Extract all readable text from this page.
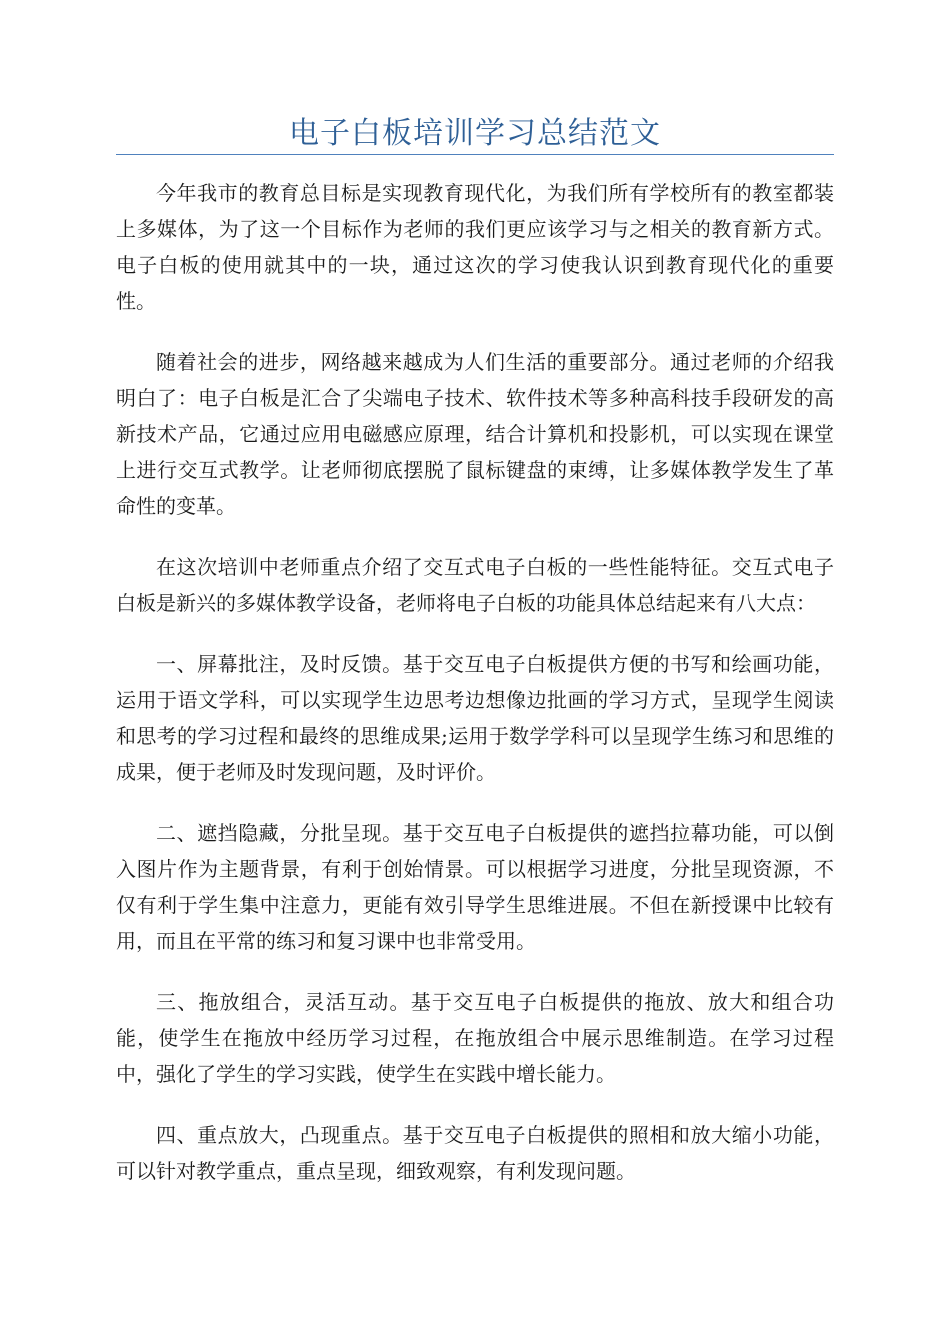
电子白板培训学习总结范文

今年我市的教育总目标是实现教育现代化，为我们所有学校所有的教室都装上多媒体，为了这一个目标作为老师的我们更应该学习与之相关的教育新方式。电子白板的使用就其中的一块，通过这次的学习使我认识到教育现代化的重要性。

随着社会的进步，网络越来越成为人们生活的重要部分。通过老师的介绍我明白了：电子白板是汇合了尖端电子技术、软件技术等多种高科技手段研发的高新技术产品，它通过应用电磁感应原理，结合计算机和投影机，可以实现在课堂上进行交互式教学。让老师彻底摆脱了鼠标键盘的束缚，让多媒体教学发生了革命性的变革。

在这次培训中老师重点介绍了交互式电子白板的一些性能特征。交互式电子白板是新兴的多媒体教学设备，老师将电子白板的功能具体总结起来有八大点：

一、屏幕批注，及时反馈。基于交互电子白板提供方便的书写和绘画功能，运用于语文学科，可以实现学生边思考边想像边批画的学习方式，呈现学生阅读和思考的学习过程和最终的思维成果;运用于数学学科可以呈现学生练习和思维的成果，便于老师及时发现问题，及时评价。

二、遮挡隐藏，分批呈现。基于交互电子白板提供的遮挡拉幕功能，可以倒入图片作为主题背景，有利于创始情景。可以根据学习进度，分批呈现资源，不仅有利于学生集中注意力，更能有效引导学生思维进展。不但在新授课中比较有用，而且在平常的练习和复习课中也非常受用。

三、拖放组合，灵活互动。基于交互电子白板提供的拖放、放大和组合功能，使学生在拖放中经历学习过程，在拖放组合中展示思维制造。在学习过程中，强化了学生的学习实践，使学生在实践中增长能力。

四、重点放大，凸现重点。基于交互电子白板提供的照相和放大缩小功能，可以针对教学重点，重点呈现，细致观察，有利发现问题。
